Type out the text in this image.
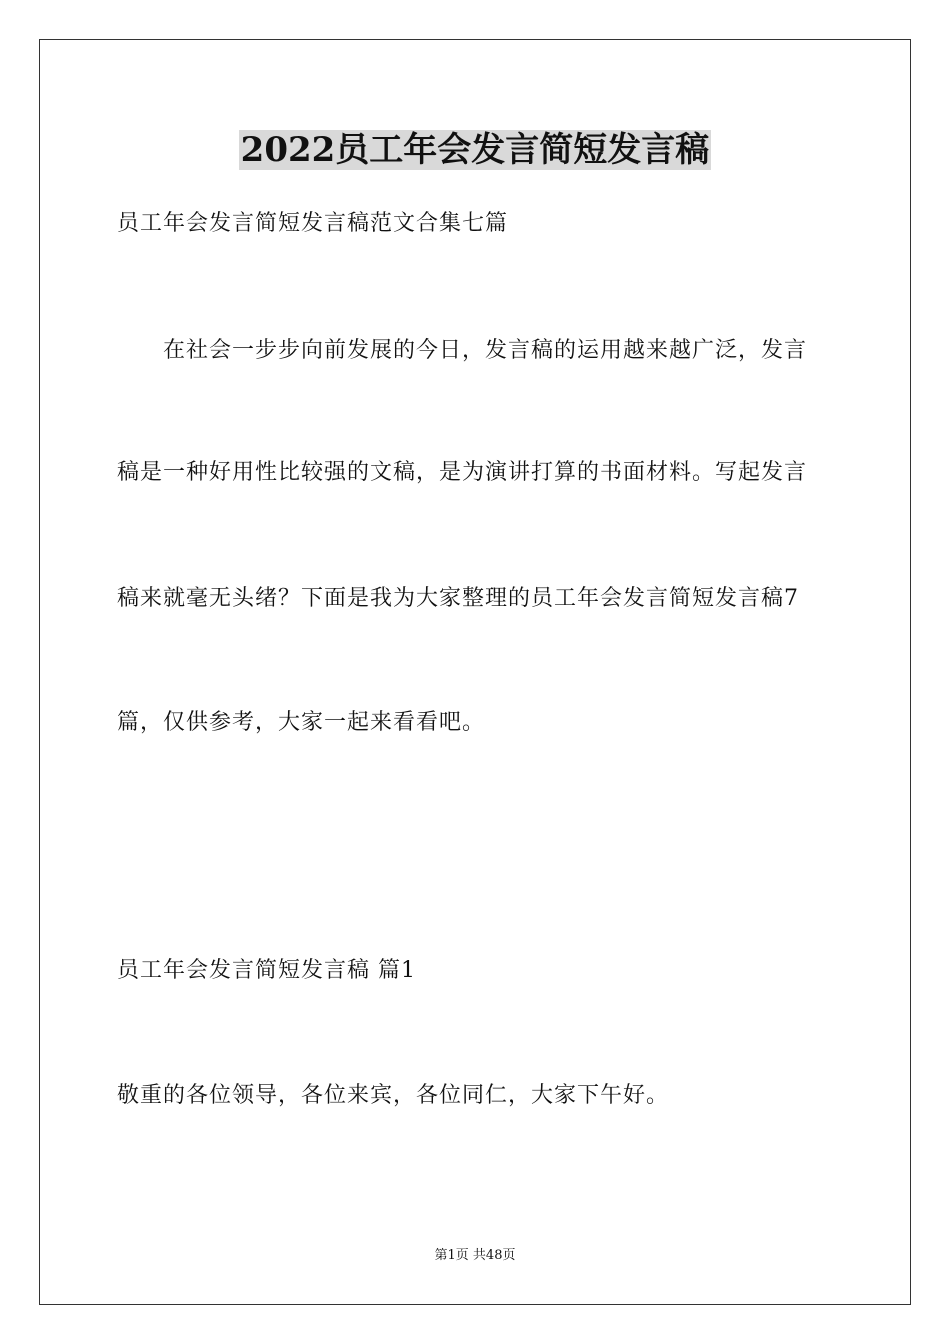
2022员工年会发言简短发言稿

员工年会发言简短发言稿范文合集七篇

在社会一步步向前发展的今日，发言稿的运用越来越广泛，发言

稿是一种好用性比较强的文稿，是为演讲打算的书面材料。写起发言

稿来就毫无头绪？下面是我为大家整理的员工年会发言简短发言稿7

篇，仅供参考，大家一起来看看吧。

员工年会发言简短发言稿 篇1

敬重的各位领导，各位来宾，各位同仁，大家下午好。

第1页 共48页
